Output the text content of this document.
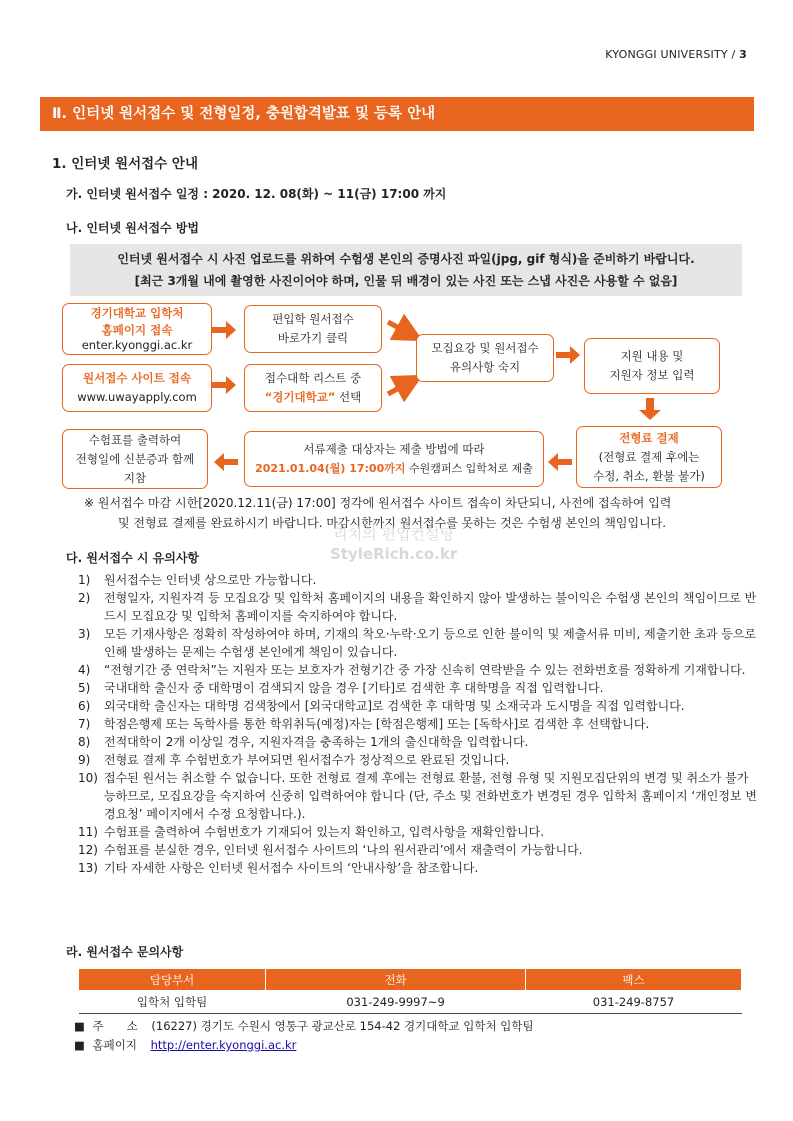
KYONGGI UNIVERSITY / 3
Ⅱ. 인터넷 원서접수 및 전형일정, 충원합격발표 및 등록 안내
1. 인터넷 원서접수 안내
가. 인터넷 원서접수 일정 : 2020. 12. 08(화) ~ 11(금) 17:00 까지
나. 인터넷 원서접수 방법
인터넷 원서접수 시 사진 업로드를 위하여 수험생 본인의 증명사진 파일(jpg, gif 형식)을 준비하기 바랍니다.
[최근 3개월 내에 촬영한 사진이어야 하며, 인물 뒤 배경이 있는 사진 또는 스냅 사진은 사용할 수 없음]
경기대학교 입학처
홈페이지 접속
enter.kyonggi.ac.kr
원서접수 사이트 접속
www.uwayapply.com
편입학 원서접수
바로가기 클릭
접수대학 리스트 중
“경기대학교” 선택
모집요강 및 원서접수
유의사항 숙지
지원 내용 및
지원자 정보 입력
전형료 결제
(전형료 결제 후에는
수정, 취소, 환불 불가)
서류제출 대상자는 제출 방법에 따라
2021.01.04(월) 17:00까지 수원캠퍼스 입학처로 제출
수험표를 출력하여
전형일에 신분증과 함께
지참
※ 원서접수 마감 시한[2020.12.11(금) 17:00] 정각에 원서접수 사이트 접속이 차단되니, 사전에 접속하여 입력
및 전형료 결제를 완료하시기 바랍니다. 마감시한까지 원서접수를 못하는 것은 수험생 본인의 책임입니다.
리치의 편입컨설팅
StyleRich.co.kr
다. 원서접수 시 유의사항
1)	원서접수는 인터넷 상으로만 가능합니다.
2)	전형일자, 지원자격 등 모집요강 및 입학처 홈페이지의 내용을 확인하지 않아 발생하는 불이익은 수험생 본인의 책임이므로 반드시 모집요강 및 입학처 홈페이지를 숙지하여야 합니다.
3)	모든 기재사항은 정확히 작성하여야 하며, 기재의 착오·누락·오기 등으로 인한 불이익 및 제출서류 미비, 제출기한 초과 등으로 인해 발생하는 문제는 수험생 본인에게 책임이 있습니다.
4)	“전형기간 중 연락처”는 지원자 또는 보호자가 전형기간 중 가장 신속히 연락받을 수 있는 전화번호를 정확하게 기재합니다.
5)	국내대학 출신자 중 대학명이 검색되지 않을 경우 [기타]로 검색한 후 대학명을 직접 입력합니다.
6)	외국대학 출신자는 대학명 검색창에서 [외국대학교]로 검색한 후 대학명 및 소재국과 도시명을 직접 입력합니다.
7)	학점은행제 또는 독학사를 통한 학위취득(예정)자는 [학점은행제] 또는 [독학사]로 검색한 후 선택합니다.
8)	전적대학이 2개 이상일 경우, 지원자격을 충족하는 1개의 출신대학을 입력합니다.
9)	전형료 결제 후 수험번호가 부여되면 원서접수가 정상적으로 완료된 것입니다.
10) 접수된 원서는 취소할 수 없습니다. 또한 전형료 결제 후에는 전형료 환불, 전형 유형 및 지원모집단위의 변경 및 취소가 불가능하므로, 모집요강을 숙지하여 신중히 입력하여야 합니다 (단, 주소 및 전화번호가 변경된 경우 입학처 홈페이지 ‘개인정보 변경요청’ 페이지에서 수정 요청합니다.).
11) 수험표를 출력하여 수험번호가 기재되어 있는지 확인하고, 입력사항을 재확인합니다.
12) 수험표를 분실한 경우, 인터넷 원서접수 사이트의 ‘나의 원서관리’에서 재출력이 가능합니다.
13) 기타 자세한 사항은 인터넷 원서접수 사이트의 ‘안내사항’을 참조합니다.
라. 원서접수 문의사항
담당부서	전화	팩스
입학처 입학팀	031-249-9997~9	031-249-8757
■ 주　　소 (16227) 경기도 수원시 영통구 광교산로 154-42 경기대학교 입학처 입학팀
■ 홈페이지 http://enter.kyonggi.ac.kr
